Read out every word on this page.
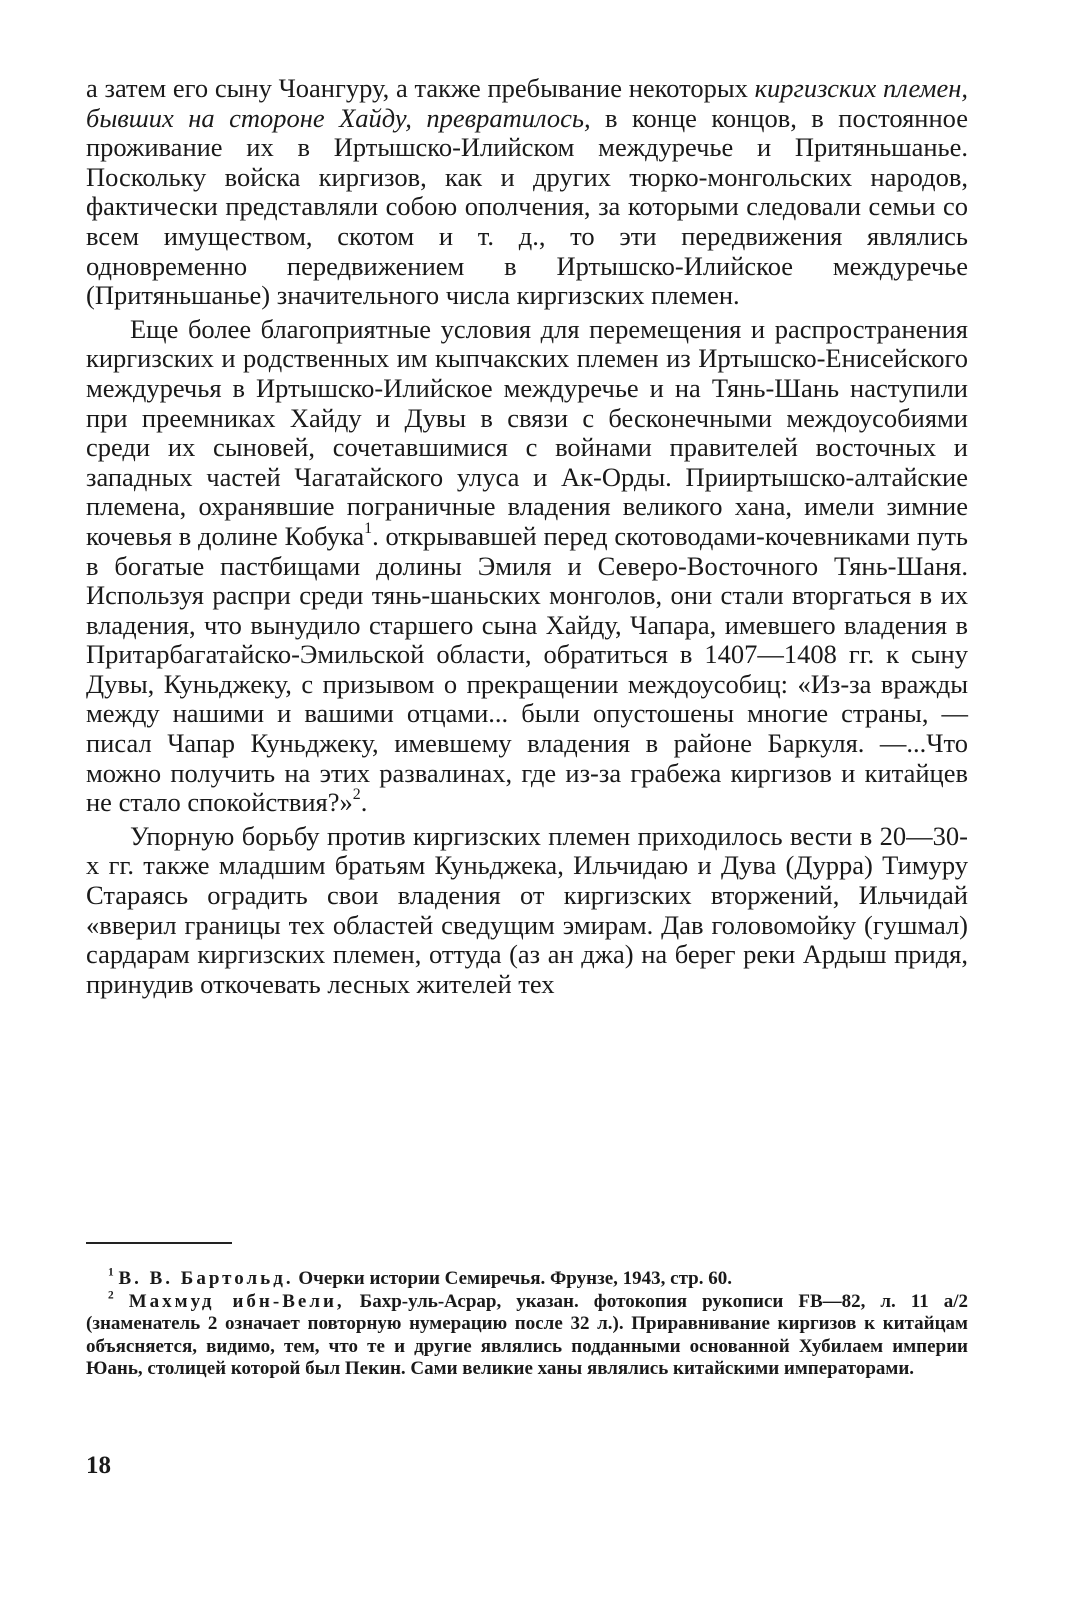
а затем его сыну Чоангуру, а также пребывание некоторых киргизских племен, бывших на стороне Хайду, превратилось, в конце концов, в постоянное проживание их в Иртышско-Илийском междуречье и Притяньшанье. Поскольку войска киргизов, как и других тюрко-монгольских народов, фактически представляли собою ополчения, за которыми следовали семьи со всем имуществом, скотом и т. д., то эти передвижения являлись одновременно передвижением в Иртышско-Илийское междуречье (Притяньшанье) значительного числа киргизских племен.

Еще более благоприятные условия для перемещения и распространения киргизских и родственных им кыпчакских племен из Иртышско-Енисейского междуречья в Иртышско-Илийское междуречье и на Тянь-Шань наступили при преемниках Хайду и Дувы в связи с бесконечными междоусобиями среди их сыновей, сочетавшимися с войнами правителей восточных и западных частей Чагатайского улуса и Ак-Орды. Прииртышско-алтайские племена, охранявшие пограничные владения великого хана, имели зимние кочевья в долине Кобука$^1$. открывавшей перед скотоводами-кочевниками путь в богатые пастбищами долины Эмиля и Северо-Восточного Тянь-Шаня. Используя распри среди тянь-шаньских монголов, они стали вторгаться в их владения, что вынудило старшего сына Хайду, Чапара, имевшего владения в Притарбагатайско-Эмильской области, обратиться в 1407—1408 гг. к сыну Дувы, Куньджеку, с призывом о прекращении междоусобиц: «Из-за вражды между нашими и вашими отцами... были опустошены многие страны, — писал Чапар Куньджеку, имевшему владения в районе Баркуля. —...Что можно получить на этих развалинах, где из-за грабежа киргизов и китайцев не стало спокойствия?»$^2$.

Упорную борьбу против киргизских племен приходилось вести в 20—30-х гг. также младшим братьям Куньджека, Ильчидаю и Дува (Дурра) Тимуру Стараясь оградить свои владения от киргизских вторжений, Ильчидай «вверил границы тех областей сведущим эмирам. Дав головомойку (гушмал) сардарам киргизских племен, оттуда (аз ан джа) на берег реки Ардыш придя, принудив откочевать лесных жителей тех

$^1$ В. В. Бартольд. Очерки истории Семиречья. Фрунзе, 1943, стр. 60.

$^2$ Махмуд ибн-Вели, Бахр-уль-Асрар, указан. фотокопия рукописи FB—82, л. 11 а/2 (знаменатель 2 означает повторную нумерацию после 32 л.). Приравнивание киргизов к китайцам объясняется, видимо, тем, что те и другие являлись подданными основанной Хубилаем империи Юань, столицей которой был Пекин. Сами великие ханы являлись китайскими императорами.

18
